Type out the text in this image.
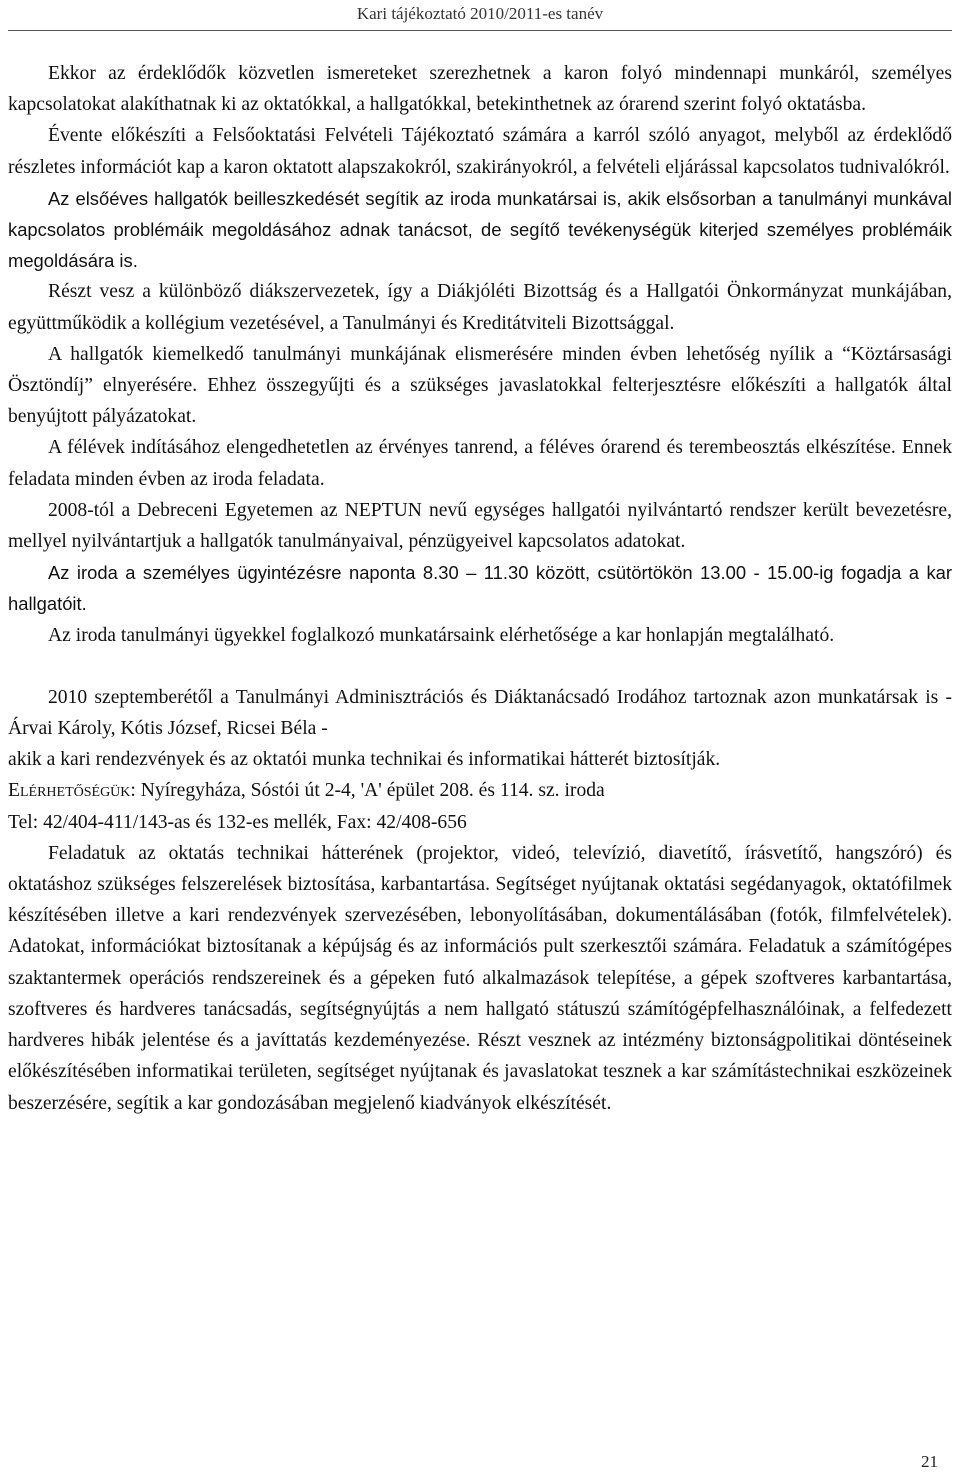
Kari tájékoztató 2010/2011-es tanév

Ekkor az érdeklődők közvetlen ismereteket szerezhetnek a karon folyó mindennapi munkáról, személyes kapcsolatokat alakíthatnak ki az oktatókkal, a hallgatókkal, betekinthetnek az órarend szerint folyó oktatásba.

Évente előkészíti a Felsőoktatási Felvételi Tájékoztató számára a karról szóló anyagot, melyből az érdeklődő részletes információt kap a karon oktatott alapszakokról, szakirányokról, a felvételi eljárással kapcsolatos tudnivalókról.

Az elsőéves hallgatók beilleszkedését segítik az iroda munkatársai is, akik elsősorban a tanulmányi munkával kapcsolatos problémáik megoldásához adnak tanácsot, de segítő tevékenységük kiterjed személyes problémáik megoldására is.

Részt vesz a különböző diákszervezetek, így a Diákjóléti Bizottság és a Hallgatói Önkormányzat munkájában, együttműködik a kollégium vezetésével, a Tanulmányi és Kreditátviteli Bizottsággal.

A hallgatók kiemelkedő tanulmányi munkájának elismerésére minden évben lehetőség nyílik a “Köztársasági Ösztöndíj” elnyerésére. Ehhez összegyűjti és a szükséges javaslatokkal felterjesztésre előkészíti a hallgatók által benyújtott pályázatokat.

A félévek indításához elengedhetetlen az érvényes tanrend, a féléves órarend és terembeosztás elkészítése. Ennek feladata minden évben az iroda feladata.

2008-tól a Debreceni Egyetemen az NEPTUN nevű egységes hallgatói nyilvántartó rendszer került bevezetésre, mellyel nyilvántartjuk a hallgatók tanulmányaival, pénzügyeivel kapcsolatos adatokat.

Az iroda a személyes ügyintézésre naponta 8.30 – 11.30 között, csütörtökön 13.00 - 15.00-ig fogadja a kar hallgatóit.

Az iroda tanulmányi ügyekkel foglalkozó munkatársaink elérhetősége a kar honlapján megtalálható.

2010 szeptemberétől a Tanulmányi Adminisztrációs és Diáktanácsadó Irodához tartoznak azon munkatársak is - Árvai Károly, Kótis József, Ricsei Béla -

akik a kari rendezvények és az oktatói munka technikai és informatikai hátterét biztosítják.

Elérhetőségük: Nyíregyháza, Sóstói út 2-4, 'A' épület 208. és 114. sz. iroda

Tel: 42/404-411/143-as és 132-es mellék, Fax: 42/408-656

Feladatuk az oktatás technikai hátterének (projektor, videó, televízió, diavetítő, írásvetítő, hangszóró) és oktatáshoz szükséges felszerelések biztosítása, karbantartása. Segítséget nyújtanak oktatási segédanyagok, oktatófilmek készítésében illetve a kari rendezvények szervezésében, lebonyolításában, dokumentálásában (fotók, filmfelvételek). Adatokat, információkat biztosítanak a képújság és az információs pult szerkesztői számára. Feladatuk a számítógépes szaktantermek operációs rendszereinek és a gépeken futó alkalmazások telepítése, a gépek szoftveres karbantartása, szoftveres és hardveres tanácsadás, segítségnyújtás a nem hallgató státuszú számítógépfelhasználóinak, a felfedezett hardveres hibák jelentése és a javíttatás kezdeményezése. Részt vesznek az intézmény biztonságpolitikai döntéseinek előkészítésében informatikai területen, segítséget nyújtanak és javaslatokat tesznek a kar számítástechnikai eszközeinek beszerzésére, segítik a kar gondozásában megjelenő kiadványok elkészítését.

21
